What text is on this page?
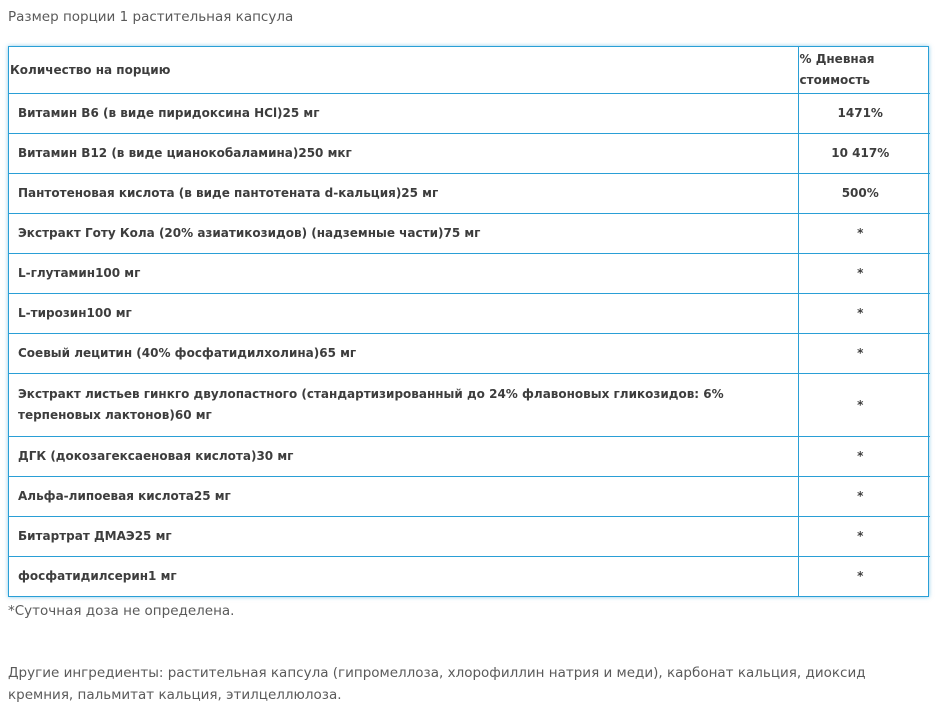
Размер порции 1 растительная капсула
Количество на порцию	% Дневная стоимость
Витамин B6 (в виде пиридоксина HCl)25 мг	1471%
Витамин B12 (в виде цианокобаламина)250 мкг	10 417%
Пантотеновая кислота (в виде пантотената d-кальция)25 мг	500%
Экстракт Готу Кола (20% азиатикозидов) (надземные части)75 мг	*
L-глутамин100 мг	*
L-тирозин100 мг	*
Соевый лецитин (40% фосфатидилхолина)65 мг	*
Экстракт листьев гинкго двулопастного (стандартизированный до 24% флавоновых гликозидов: 6% терпеновых лактонов)60 мг	*
ДГК (докозагексаеновая кислота)30 мг	*
Альфа-липоевая кислота25 мг	*
Битартрат ДМАЭ25 мг	*
фосфатидилсерин1 мг	*
*Суточная доза не определена.
Другие ингредиенты: растительная капсула (гипромеллоза, хлорофиллин натрия и меди), карбонат кальция, диоксид кремния, пальмитат кальция, этилцеллюлоза.
